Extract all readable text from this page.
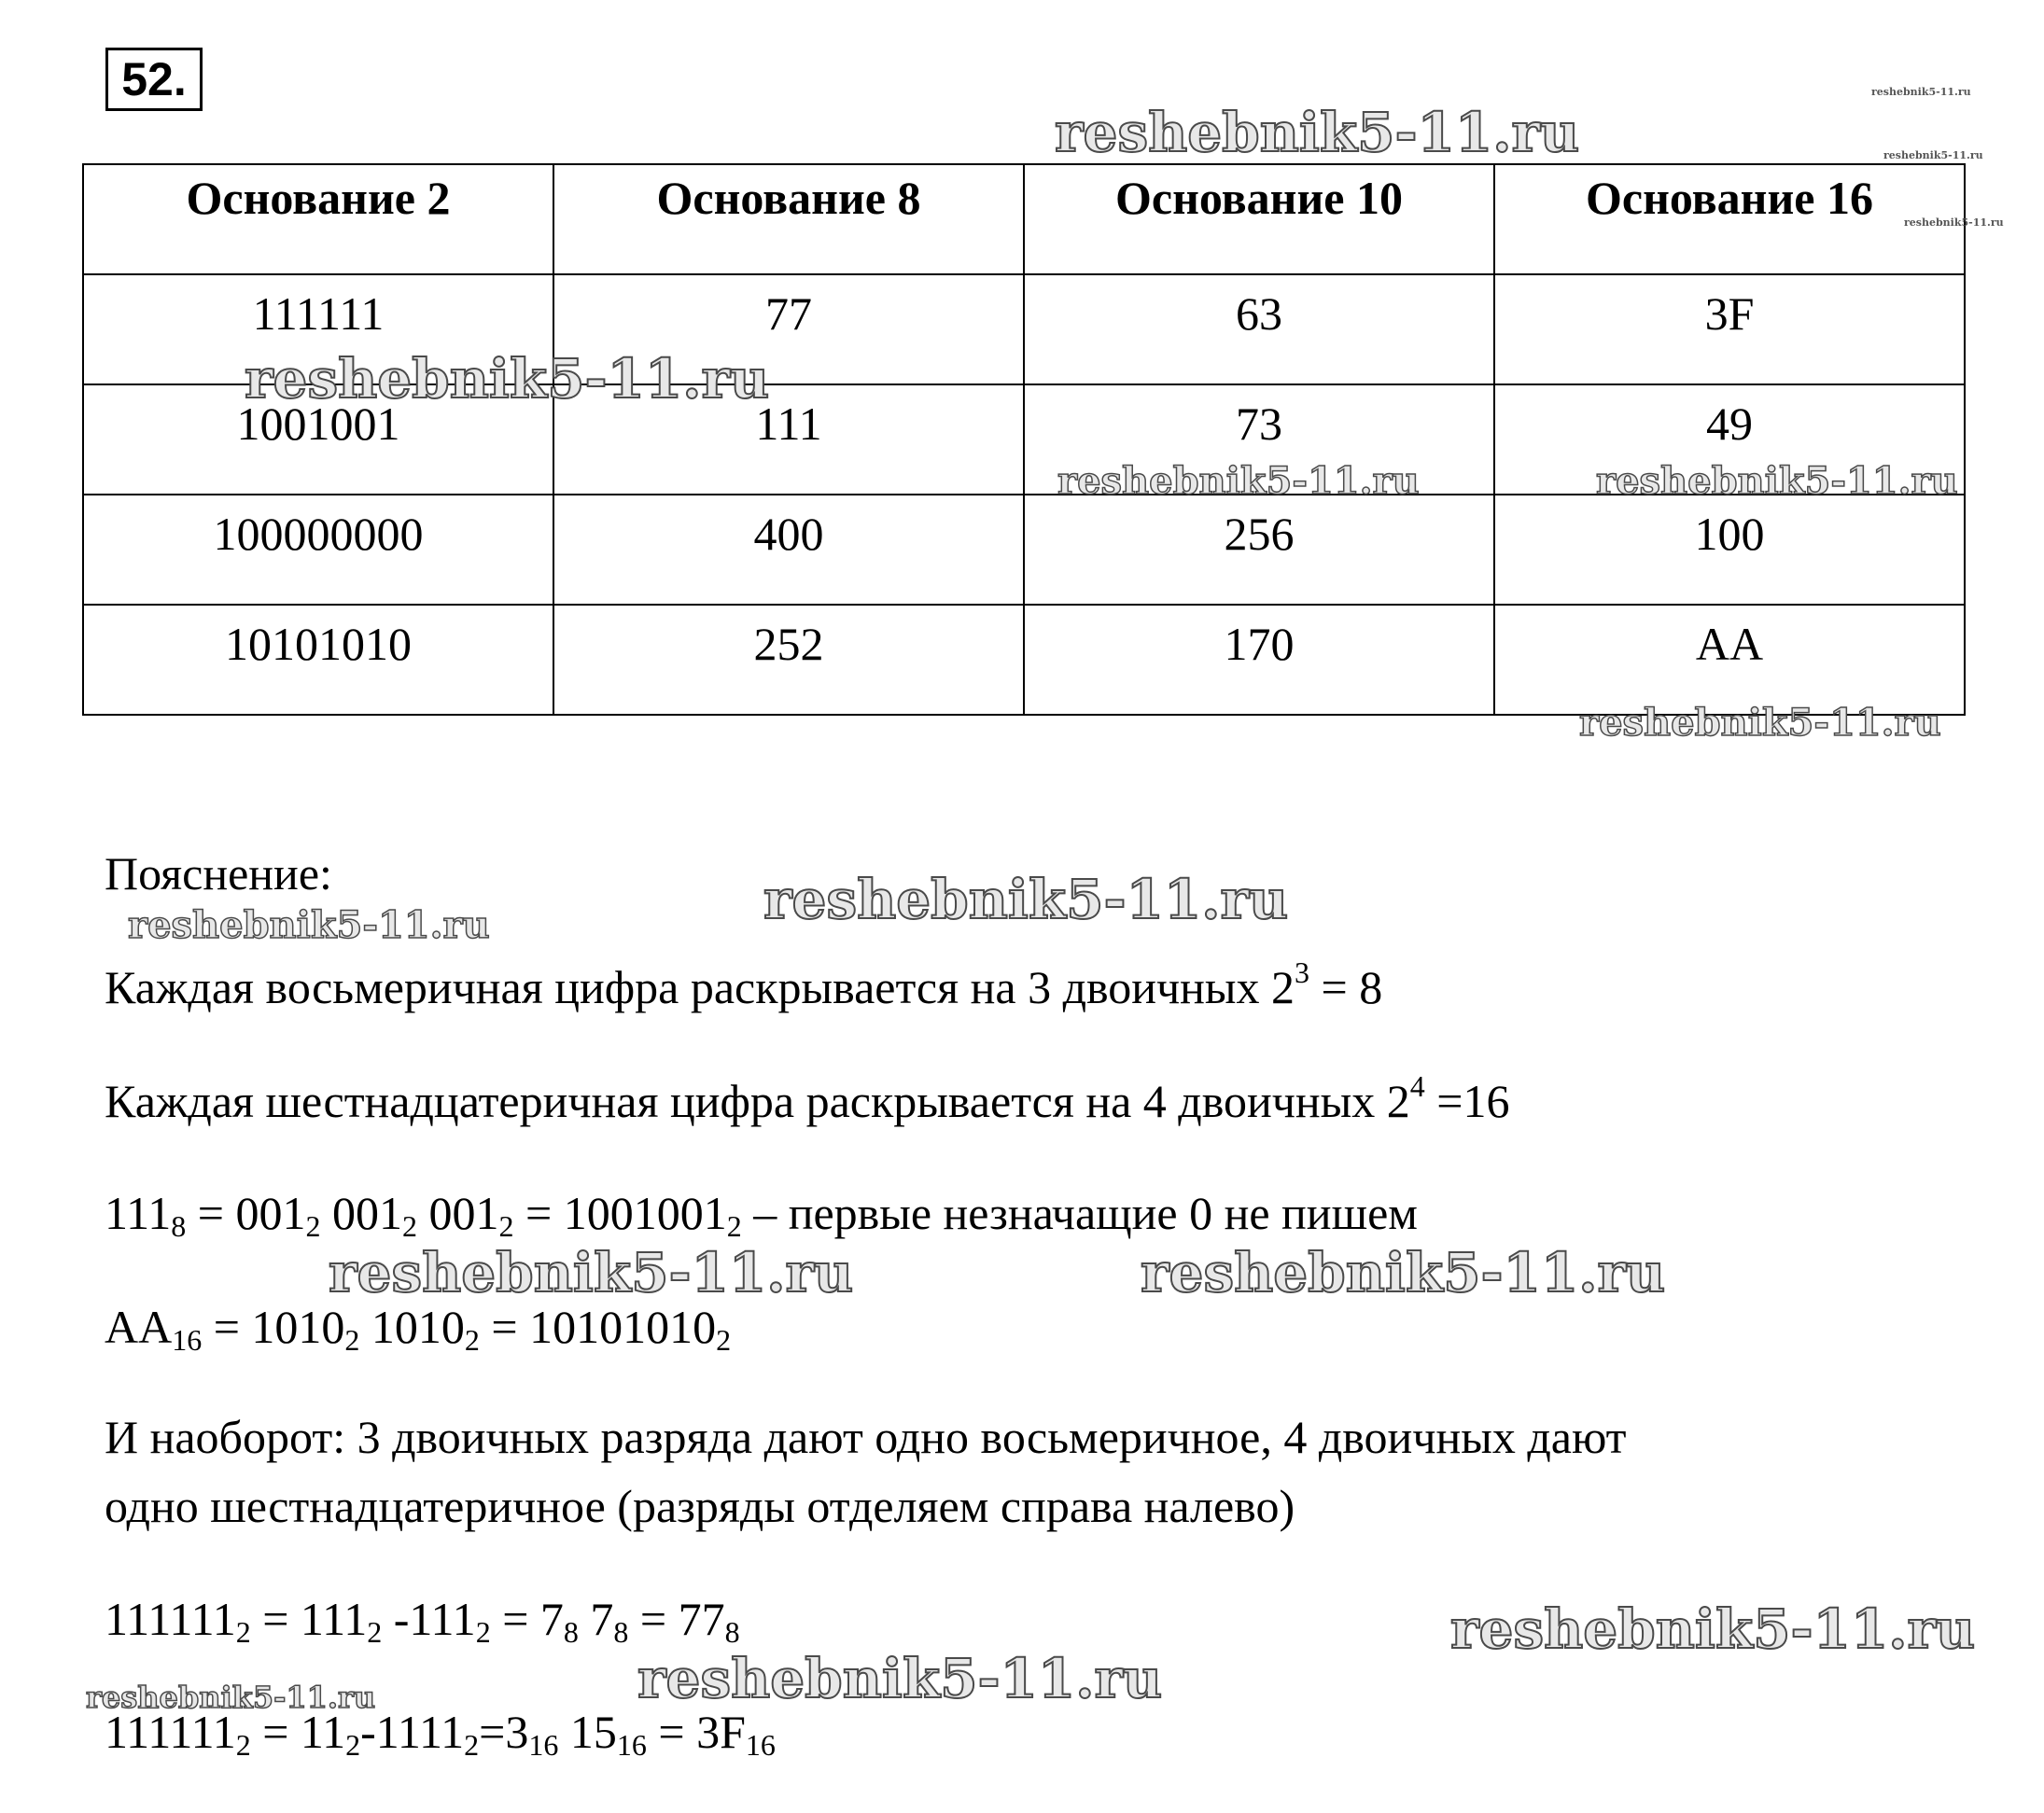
52.
Основание 2	Основание 8	Основание 10	Основание 16
111111	77	63	3F
1001001	111	73	49
100000000	400	256	100
10101010	252	170	AA
Пояснение:
Каждая восьмеричная цифра раскрывается на 3 двоичных $2^3 = 8$
Каждая шестнадцатеричная цифра раскрывается на 4 двоичных $2^4 =16$
$111_8 = 001_2$ $001_2$ $001_2 = 1001001_2$ – первые незначащие 0 не пишем
$AA_{16} = 1010_2$ $1010_2 = 10101010_2$
И наоборот: 3 двоичных разряда дают одно восьмеричное, 4 двоичных дают
одно шестнадцатеричное (разряды отделяем справа налево)
$111111_2 = 111_2$ $-111_2 = 7_8$ $7_8 = 77_8$
$111111_2 = 11_2-1111_2=3_{16}$ $15_{16} = 3F_{16}$
reshebnik5-11.ru
reshebnik5-11.ru
reshebnik5-11.ru
reshebnik5-11.ru
reshebnik5-11.ru
reshebnik5-11.ru	reshebnik5-11.ru
reshebnik5-11.ru
reshebnik5-11.ru
reshebnik5-11.ru
reshebnik5-11.ru	reshebnik5-11.ru
reshebnik5-11.ru
reshebnik5-11.ru
reshebnik5-11.ru
